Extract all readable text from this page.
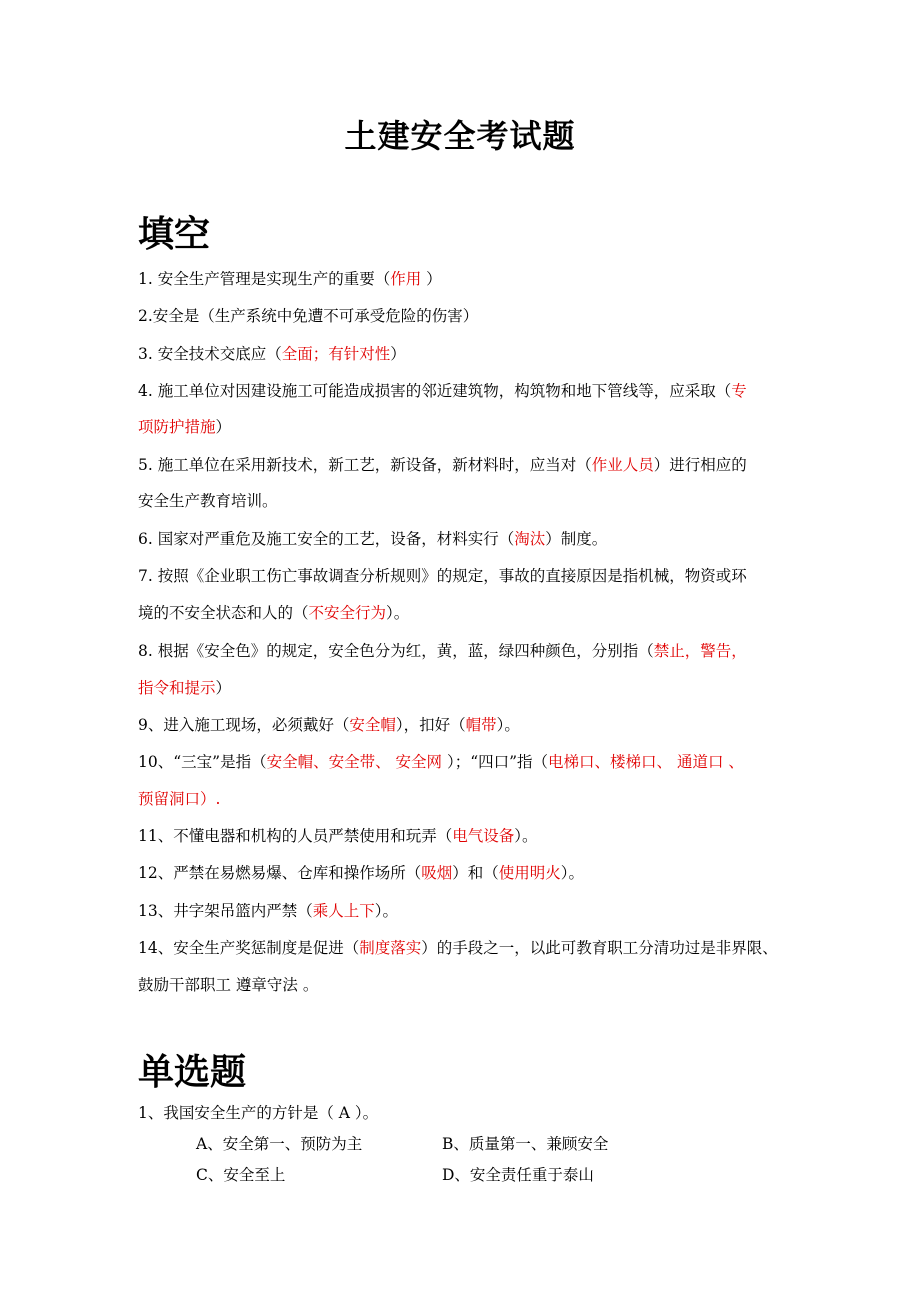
土建安全考试题
填空
1. 安全生产管理是实现生产的重要（作用 ）
2.安全是（生产系统中免遭不可承受危险的伤害）
3. 安全技术交底应（全面；有针对性）
4. 施工单位对因建设施工可能造成损害的邻近建筑物，构筑物和地下管线等，应采取（专
项防护措施）
5. 施工单位在采用新技术，新工艺，新设备，新材料时，应当对（作业人员）进行相应的
安全生产教育培训。
6. 国家对严重危及施工安全的工艺，设备，材料实行（淘汰）制度。
7. 按照《企业职工伤亡事故调查分析规则》的规定，事故的直接原因是指机械，物资或环
境的不安全状态和人的（不安全行为）。
8. 根据《安全色》的规定，安全色分为红，黄，蓝，绿四种颜色，分别指（禁止，警告，
指令和提示）
9、进入施工现场，必须戴好（安全帽），扣好（帽带）。
10、“三宝”是指（安全帽、安全带、 安全网 ）；“四口”指（电梯口、楼梯口、 通道口 、
预留洞口）.
11、不懂电器和机构的人员严禁使用和玩弄（电气设备）。
12、严禁在易燃易爆、仓库和操作场所（吸烟）和（使用明火）。
13、井字架吊篮内严禁（乘人上下）。
14、安全生产奖惩制度是促进（制度落实）的手段之一，以此可教育职工分清功过是非界限、
鼓励干部职工 遵章守法 。
单选题
1、我国安全生产的方针是（ A ）。
A、安全第一、预防为主	B、质量第一、兼顾安全
C、安全至上	D、安全责任重于泰山
